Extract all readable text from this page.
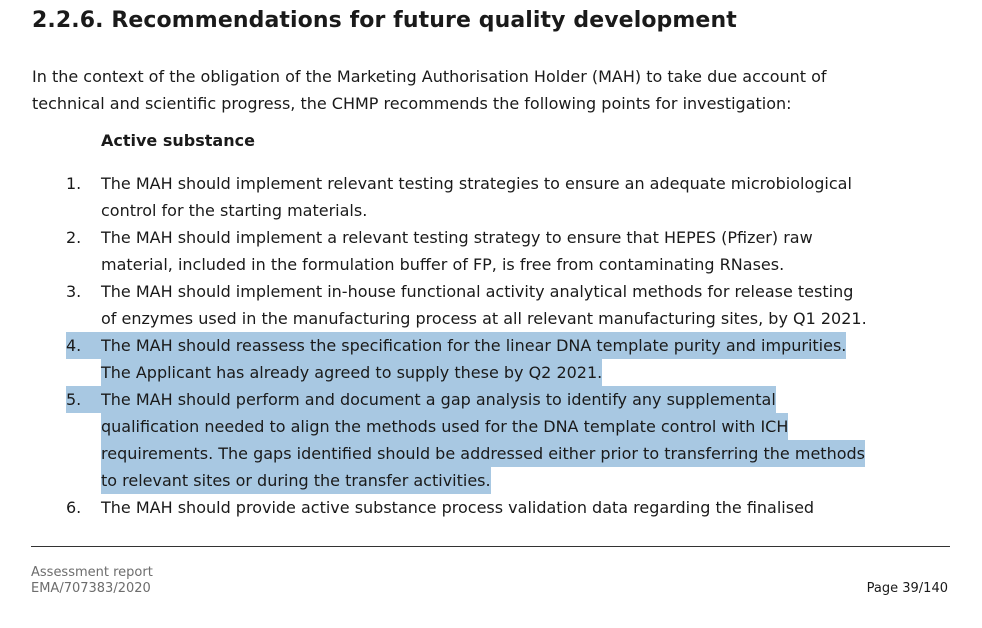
2.2.6. Recommendations for future quality development
In the context of the obligation of the Marketing Authorisation Holder (MAH) to take due account of
technical and scientific progress, the CHMP recommends the following points for investigation:
Active substance
1.	The MAH should implement relevant testing strategies to ensure an adequate microbiological
control for the starting materials.
2.	The MAH should implement a relevant testing strategy to ensure that HEPES (Pfizer) raw
material, included in the formulation buffer of FP, is free from contaminating RNases.
3.	The MAH should implement in-house functional activity analytical methods for release testing
of enzymes used in the manufacturing process at all relevant manufacturing sites, by Q1 2021.
4.	The MAH should reassess the specification for the linear DNA template purity and impurities.
The Applicant has already agreed to supply these by Q2 2021.
5.	The MAH should perform and document a gap analysis to identify any supplemental
qualification needed to align the methods used for the DNA template control with ICH
requirements. The gaps identified should be addressed either prior to transferring the methods
to relevant sites or during the transfer activities.
6.	The MAH should provide active substance process validation data regarding the finalised
Assessment report
EMA/707383/2020	Page 39/140
